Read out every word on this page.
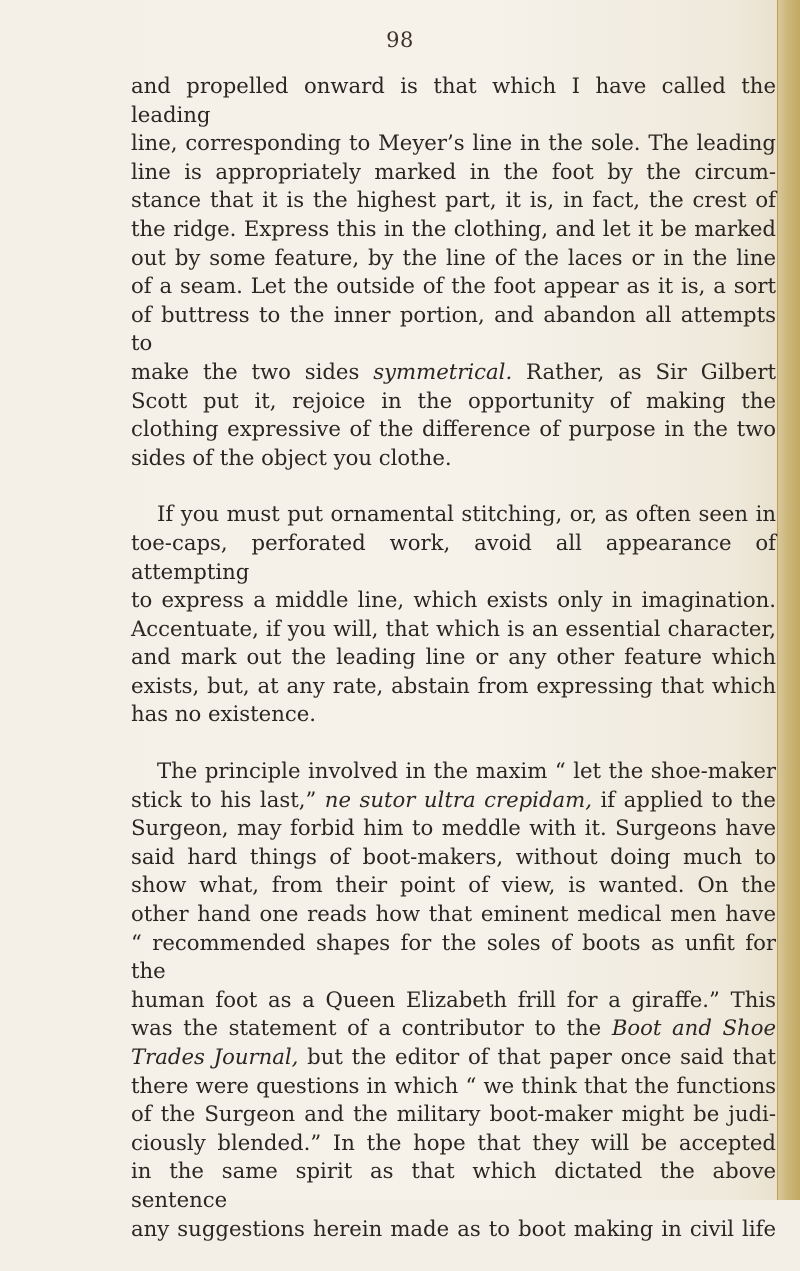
98

and propelled onward is that which I have called the leading

line, corresponding to Meyer’s line in the sole. The leading

line is appropriately marked in the foot by the circum-

stance that it is the highest part, it is, in fact, the crest of

the ridge. Express this in the clothing, and let it be marked

out by some feature, by the line of the laces or in the line

of a seam. Let the outside of the foot appear as it is, a sort

of buttress to the inner portion, and abandon all attempts to

make the two sides symmetrical. Rather, as Sir Gilbert

Scott put it, rejoice in the opportunity of making the

clothing expressive of the difference of purpose in the two

sides of the object you clothe.

If you must put ornamental stitching, or, as often seen in

toe-caps, perforated work, avoid all appearance of attempting

to express a middle line, which exists only in imagination.

Accentuate, if you will, that which is an essential character,

and mark out the leading line or any other feature which

exists, but, at any rate, abstain from expressing that which

has no existence.

The principle involved in the maxim “ let the shoe-maker

stick to his last,” ne sutor ultra crepidam, if applied to the

Surgeon, may forbid him to meddle with it. Surgeons have

said hard things of boot-makers, without doing much to

show what, from their point of view, is wanted. On the

other hand one reads how that eminent medical men have

“ recommended shapes for the soles of boots as unfit for the

human foot as a Queen Elizabeth frill for a giraffe.” This

was the statement of a contributor to the Boot and Shoe

Trades Journal, but the editor of that paper once said that

there were questions in which “ we think that the functions

of the Surgeon and the military boot-maker might be judi-

ciously blended.” In the hope that they will be accepted

in the same spirit as that which dictated the above sentence

any suggestions herein made as to boot making in civil life
